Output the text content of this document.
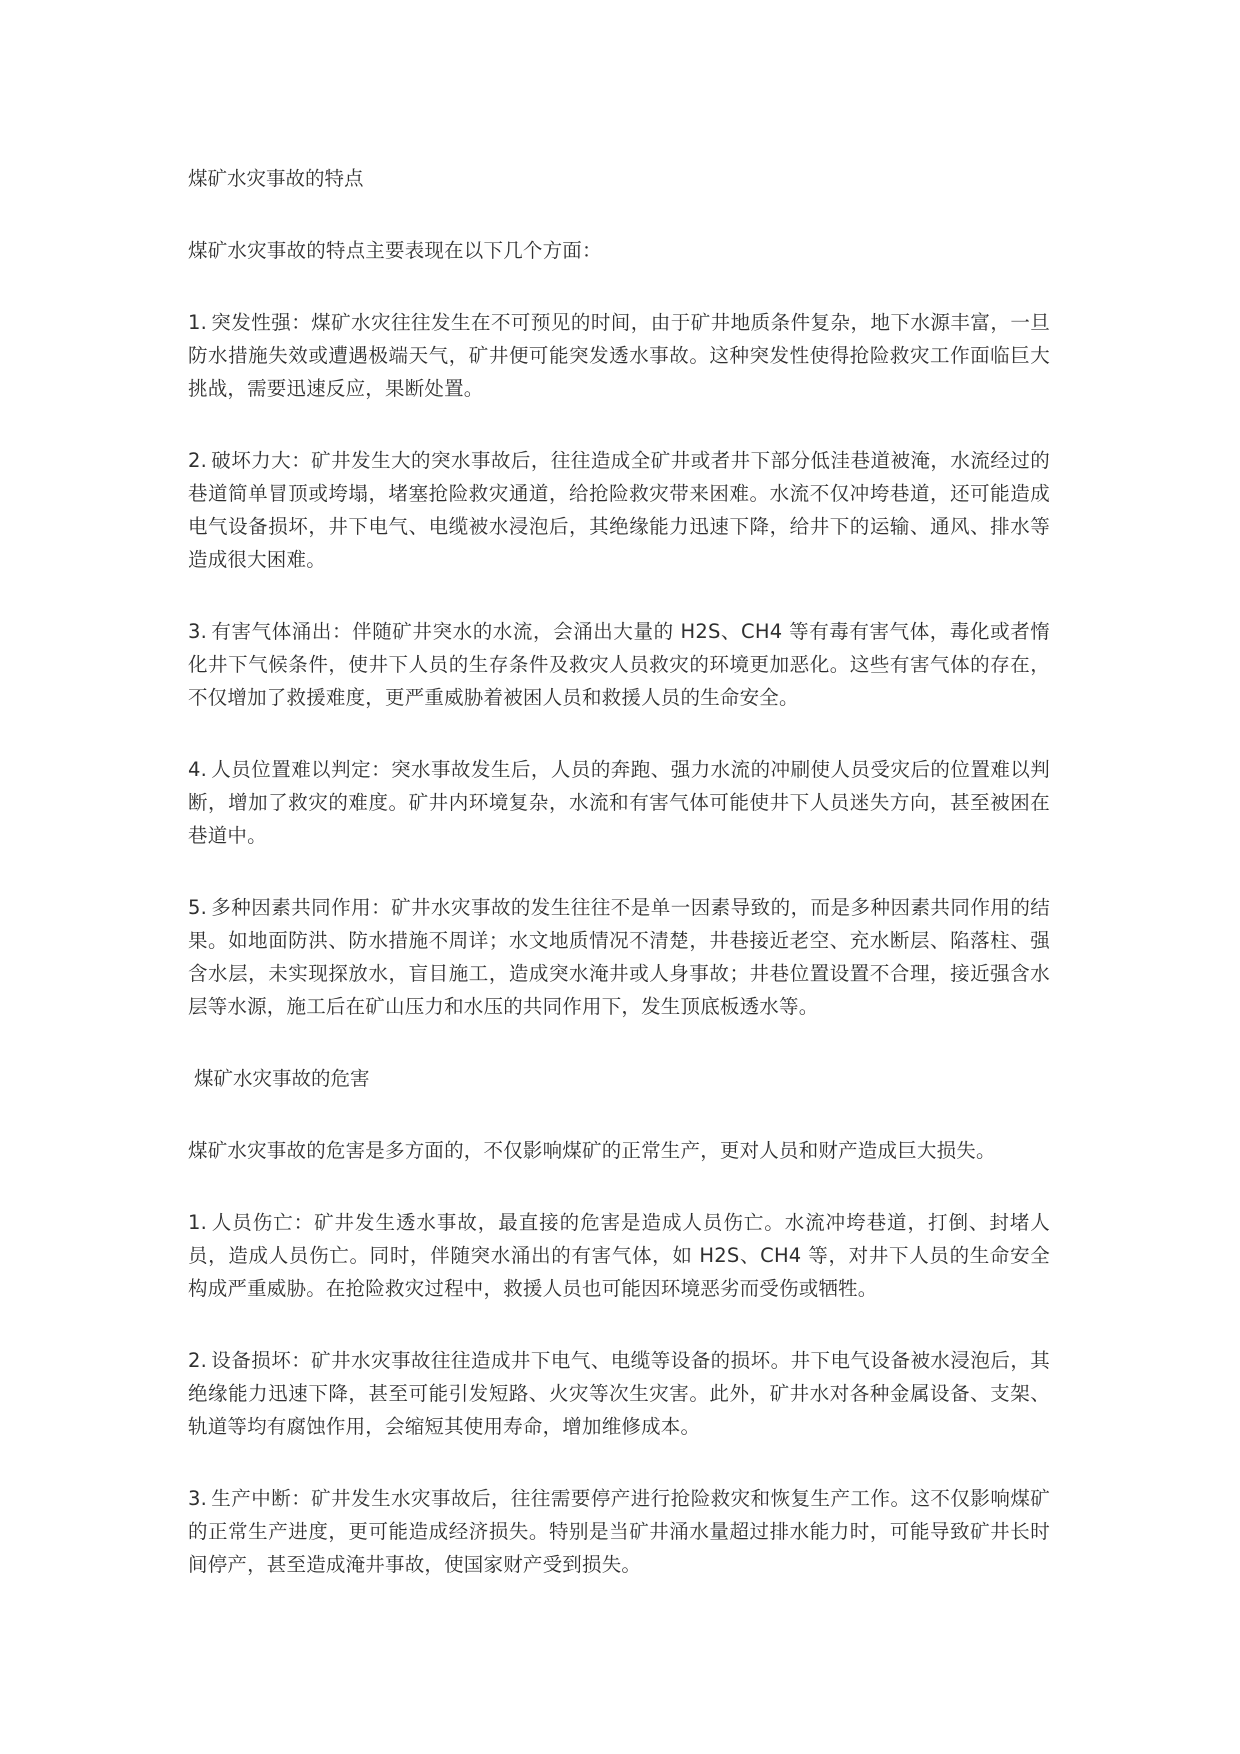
煤矿水灾事故的特点

煤矿水灾事故的特点主要表现在以下几个方面：

1. 突发性强：煤矿水灾往往发生在不可预见的时间，由于矿井地质条件复杂，地下水源丰富，一旦防水措施失效或遭遇极端天气，矿井便可能突发透水事故。这种突发性使得抢险救灾工作面临巨大挑战，需要迅速反应，果断处置。

2. 破坏力大：矿井发生大的突水事故后，往往造成全矿井或者井下部分低洼巷道被淹，水流经过的巷道简单冒顶或垮塌，堵塞抢险救灾通道，给抢险救灾带来困难。水流不仅冲垮巷道，还可能造成电气设备损坏，井下电气、电缆被水浸泡后，其绝缘能力迅速下降，给井下的运输、通风、排水等造成很大困难。

3. 有害气体涌出：伴随矿井突水的水流，会涌出大量的 H2S、CH4 等有毒有害气体，毒化或者惰化井下气候条件，使井下人员的生存条件及救灾人员救灾的环境更加恶化。这些有害气体的存在，不仅增加了救援难度，更严重威胁着被困人员和救援人员的生命安全。

4. 人员位置难以判定：突水事故发生后，人员的奔跑、强力水流的冲刷使人员受灾后的位置难以判断，增加了救灾的难度。矿井内环境复杂，水流和有害气体可能使井下人员迷失方向，甚至被困在巷道中。

5. 多种因素共同作用：矿井水灾事故的发生往往不是单一因素导致的，而是多种因素共同作用的结果。如地面防洪、防水措施不周详；水文地质情况不清楚，井巷接近老空、充水断层、陷落柱、强含水层，未实现探放水，盲目施工，造成突水淹井或人身事故；井巷位置设置不合理，接近强含水层等水源，施工后在矿山压力和水压的共同作用下，发生顶底板透水等。

煤矿水灾事故的危害

煤矿水灾事故的危害是多方面的，不仅影响煤矿的正常生产，更对人员和财产造成巨大损失。

1. 人员伤亡：矿井发生透水事故，最直接的危害是造成人员伤亡。水流冲垮巷道，打倒、封堵人员，造成人员伤亡。同时，伴随突水涌出的有害气体，如 H2S、CH4 等，对井下人员的生命安全构成严重威胁。在抢险救灾过程中，救援人员也可能因环境恶劣而受伤或牺牲。

2. 设备损坏：矿井水灾事故往往造成井下电气、电缆等设备的损坏。井下电气设备被水浸泡后，其绝缘能力迅速下降，甚至可能引发短路、火灾等次生灾害。此外，矿井水对各种金属设备、支架、轨道等均有腐蚀作用，会缩短其使用寿命，增加维修成本。

3. 生产中断：矿井发生水灾事故后，往往需要停产进行抢险救灾和恢复生产工作。这不仅影响煤矿的正常生产进度，更可能造成经济损失。特别是当矿井涌水量超过排水能力时，可能导致矿井长时间停产，甚至造成淹井事故，使国家财产受到损失。
